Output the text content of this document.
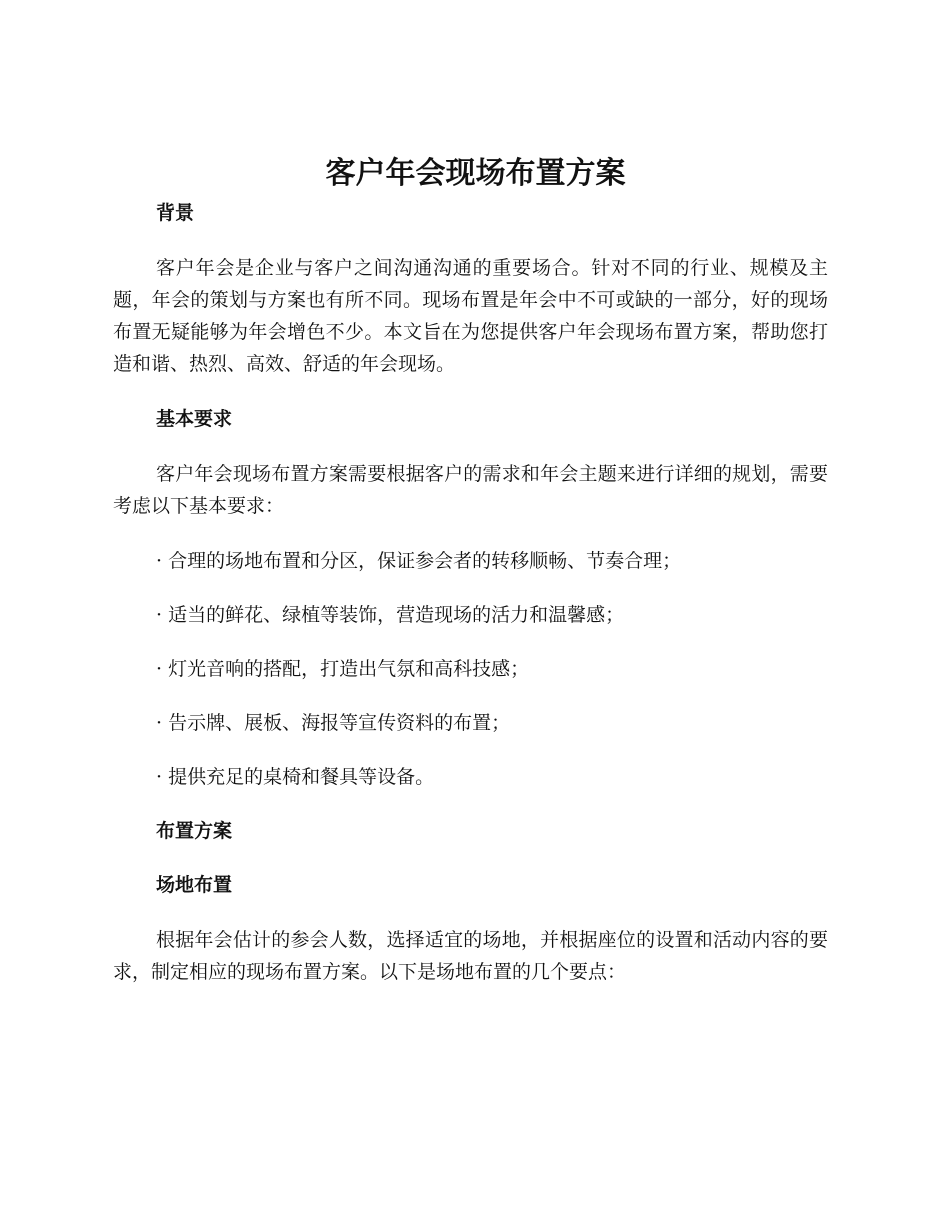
客户年会现场布置方案
背景

客户年会是企业与客户之间沟通沟通的重要场合。针对不同的行业、规模及主题，年会的策划与方案也有所不同。现场布置是年会中不可或缺的一部分，好的现场布置无疑能够为年会增色不少。本文旨在为您提供客户年会现场布置方案，帮助您打造和谐、热烈、高效、舒适的年会现场。

基本要求

客户年会现场布置方案需要根据客户的需求和年会主题来进行详细的规划，需要考虑以下基本要求：

· 合理的场地布置和分区，保证参会者的转移顺畅、节奏合理；

· 适当的鲜花、绿植等装饰，营造现场的活力和温馨感；

· 灯光音响的搭配，打造出气氛和高科技感；

· 告示牌、展板、海报等宣传资料的布置；

· 提供充足的桌椅和餐具等设备。

布置方案
场地布置

根据年会估计的参会人数，选择适宜的场地，并根据座位的设置和活动内容的要求，制定相应的现场布置方案。以下是场地布置的几个要点：
